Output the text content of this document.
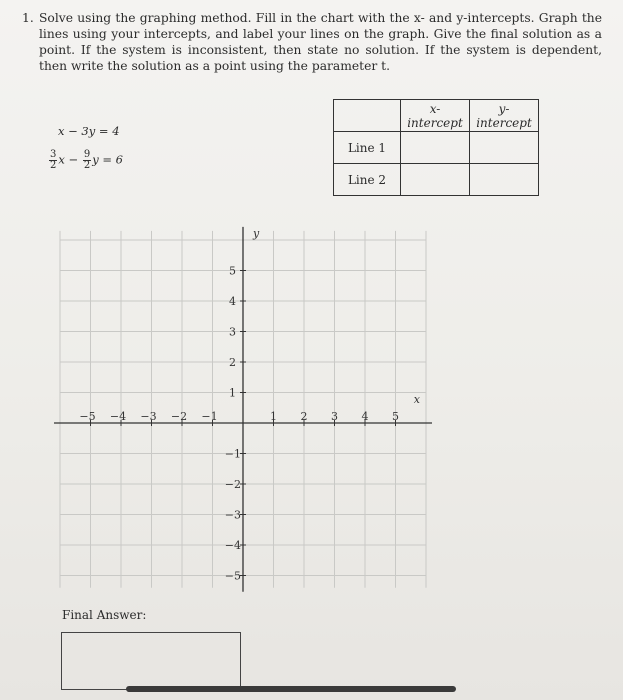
1. Solve using the graphing method. Fill in the chart with the x- and y-intercepts. Graph the lines using your intercepts, and label your lines on the graph. Give the final solution as a point. If the system is inconsistent, then state no solution. If the system is dependent, then write the solution as a point using the parameter t.
x − 3y = 4
$\frac{3}{2}$ $x - \frac{9}{2}$ y = 6
	x-intercept	y-intercept
Line 1		
Line 2		
−5 −4 −3 −2 −1	1 2 3 4 5
5
4
3
2
1
−1
−2
−3
−4
−5
x
y
Final Answer:
